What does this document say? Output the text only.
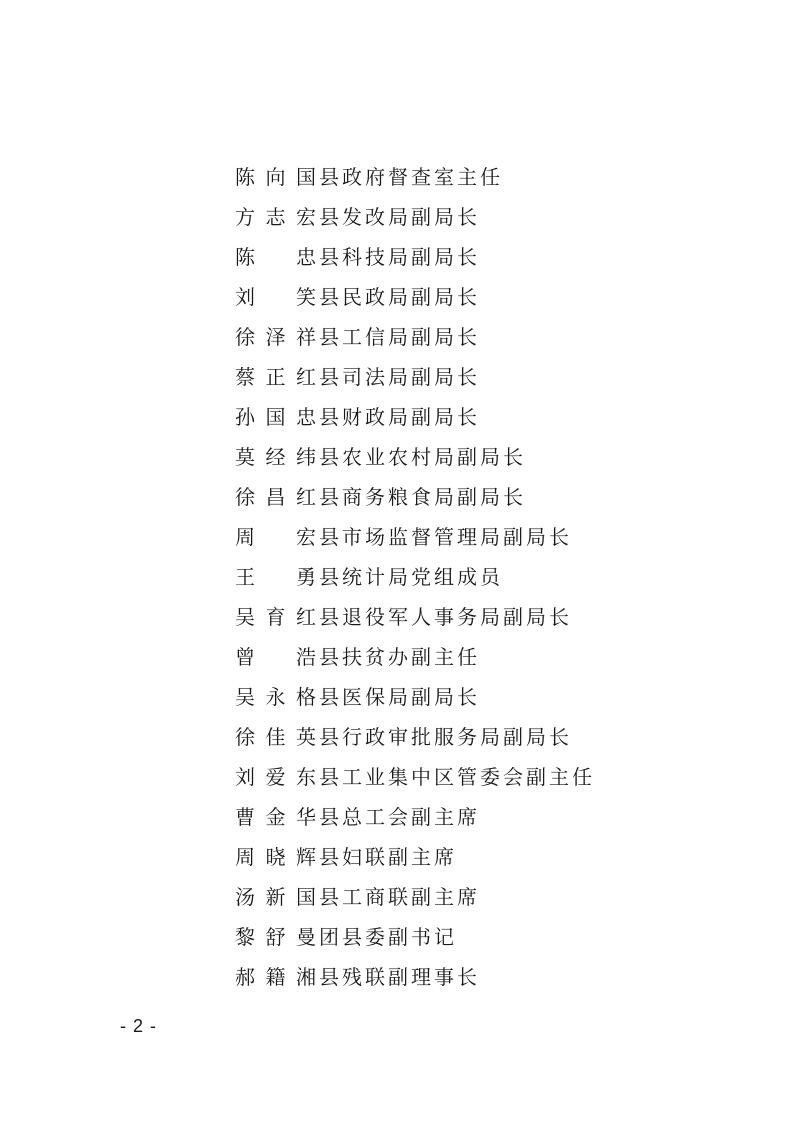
陈 向 国 县政府督查室主任
方 志 宏 县发改局副局长
陈 忠 县科技局副局长
刘 笑 县民政局副局长
徐 泽 祥 县工信局副局长
蔡 正 红 县司法局副局长
孙 国 忠 县财政局副局长
莫 经 纬 县农业农村局副局长
徐 昌 红 县商务粮食局副局长
周 宏 县市场监督管理局副局长
王 勇 县统计局党组成员
吴 育 红 县退役军人事务局副局长
曾 浩 县扶贫办副主任
吴 永 格 县医保局副局长
徐 佳 英 县行政审批服务局副局长
刘 爱 东 县工业集中区管委会副主任
曹 金 华 县总工会副主席
周 晓 辉 县妇联副主席
汤 新 国 县工商联副主席
黎 舒 曼 团县委副书记
郝 籍 湘 县残联副理事长
- 2 -
